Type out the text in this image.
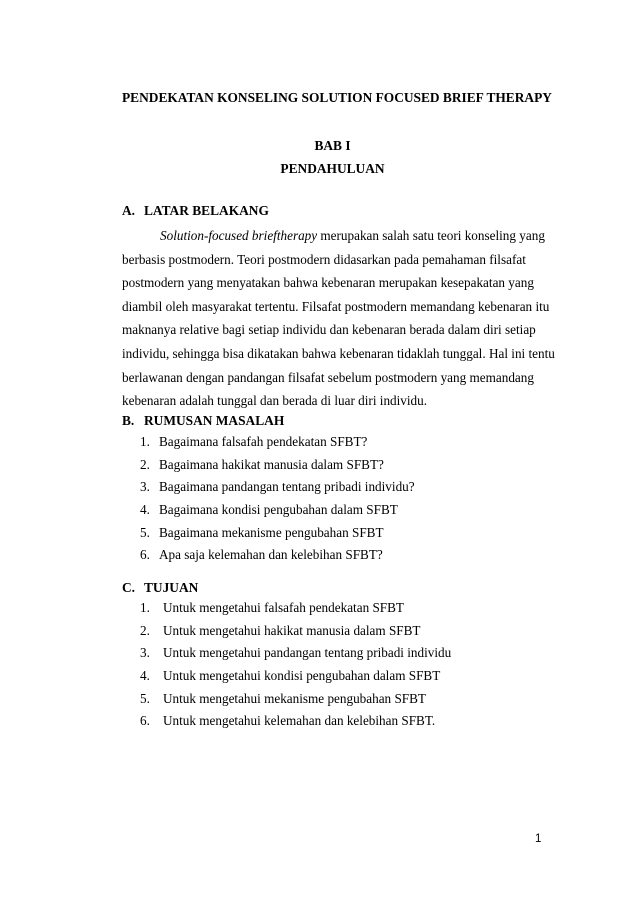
PENDEKATAN KONSELING SOLUTION FOCUSED BRIEF THERAPY
BAB I
PENDAHULUAN
A. LATAR BELAKANG
Solution-focused brieftherapy merupakan salah satu teori konseling yang
berbasis postmodern. Teori postmodern didasarkan pada pemahaman filsafat
postmodern yang menyatakan bahwa kebenaran merupakan kesepakatan yang
diambil oleh masyarakat tertentu. Filsafat postmodern memandang kebenaran itu
maknanya relative bagi setiap individu dan kebenaran berada dalam diri setiap
individu, sehingga bisa dikatakan bahwa kebenaran tidaklah tunggal. Hal ini tentu
berlawanan dengan pandangan filsafat sebelum postmodern yang memandang
kebenaran adalah tunggal dan berada di luar diri individu.
B. RUMUSAN MASALAH
1. Bagaimana falsafah pendekatan SFBT?
2. Bagaimana hakikat manusia dalam SFBT?
3. Bagaimana pandangan tentang pribadi individu?
4. Bagaimana kondisi pengubahan dalam SFBT
5. Bagaimana mekanisme pengubahan SFBT
6. Apa saja kelemahan dan kelebihan SFBT?
C. TUJUAN
1. Untuk mengetahui falsafah pendekatan SFBT
2. Untuk mengetahui hakikat manusia dalam SFBT
3. Untuk mengetahui pandangan tentang pribadi individu
4. Untuk mengetahui kondisi pengubahan dalam SFBT
5. Untuk mengetahui mekanisme pengubahan SFBT
6. Untuk mengetahui kelemahan dan kelebihan SFBT.
1
